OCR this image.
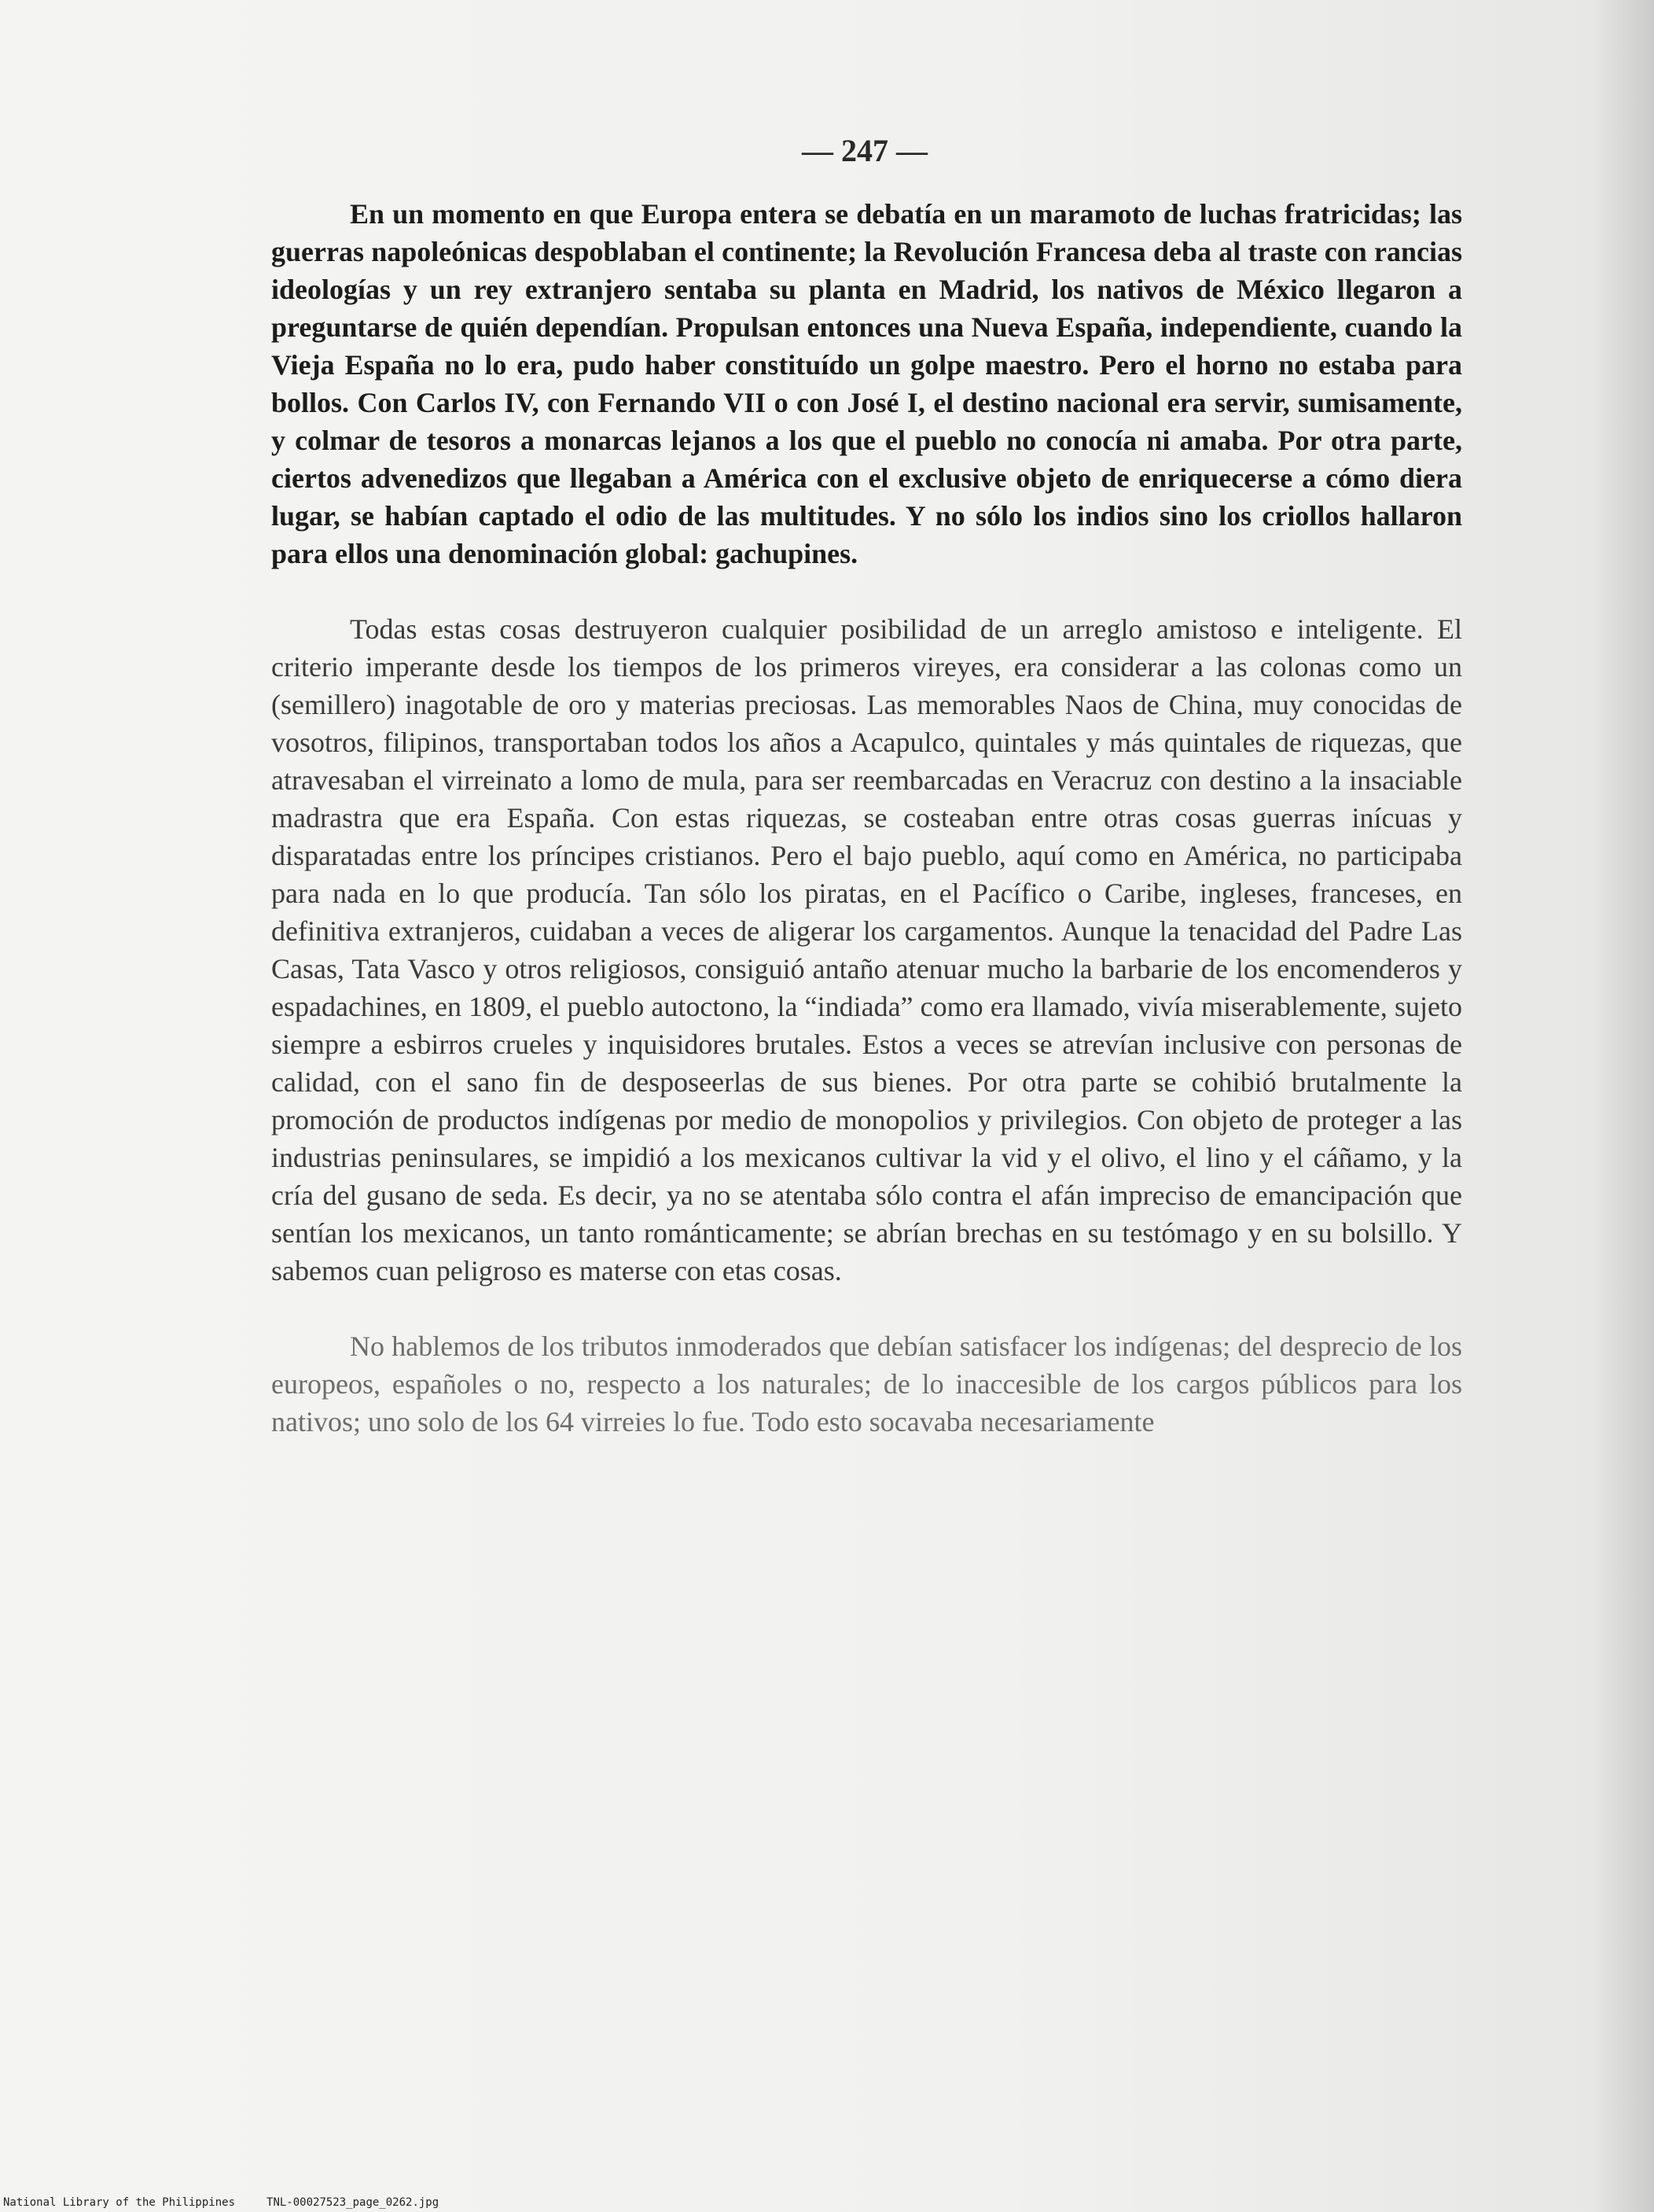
— 247 —

En un momento en que Europa entera se debatía en un maramoto de luchas fratricidas; las guerras napoleónicas despoblaban el continente; la Revolución Francesa deba al traste con rancias ideologías y un rey extranjero sentaba su planta en Madrid, los nativos de México llegaron a preguntarse de quién dependían. Propulsan entonces una Nueva España, independiente, cuando la Vieja España no lo era, pudo haber constituído un golpe maestro. Pero el horno no estaba para bollos. Con Carlos IV, con Fernando VII o con José I, el destino nacional era servir, sumisamente, y colmar de tesoros a monarcas lejanos a los que el pueblo no conocía ni amaba. Por otra parte, ciertos advenedizos que llegaban a América con el exclusive objeto de enriquecerse a cómo diera lugar, se habían captado el odio de las multitudes. Y no sólo los indios sino los criollos hallaron para ellos una denominación global: gachupines.

Todas estas cosas destruyeron cualquier posibilidad de un arreglo amistoso e inteligente. El criterio imperante desde los tiempos de los primeros vireyes, era considerar a las colonas como un (semillero) inagotable de oro y materias preciosas. Las memorables Naos de China, muy conocidas de vosotros, filipinos, transportaban todos los años a Acapulco, quintales y más quintales de riquezas, que atravesaban el virreinato a lomo de mula, para ser reembarcadas en Veracruz con destino a la insaciable madrastra que era España. Con estas riquezas, se costeaban entre otras cosas guerras inícuas y disparatadas entre los príncipes cristianos. Pero el bajo pueblo, aquí como en América, no participaba para nada en lo que producía. Tan sólo los piratas, en el Pacífico o Caribe, ingleses, franceses, en definitiva extranjeros, cuidaban a veces de aligerar los cargamentos. Aunque la tenacidad del Padre Las Casas, Tata Vasco y otros religiosos, consiguió antaño atenuar mucho la barbarie de los encomenderos y espadachines, en 1809, el pueblo autoctono, la “indiada” como era llamado, vivía miserablemente, sujeto siempre a esbirros crueles y inquisidores brutales. Estos a veces se atrevían inclusive con personas de calidad, con el sano fin de desposeerlas de sus bienes. Por otra parte se cohibió brutalmente la promoción de productos indígenas por medio de monopolios y privilegios. Con objeto de proteger a las industrias peninsulares, se impidió a los mexicanos cultivar la vid y el olivo, el lino y el cáñamo, y la cría del gusano de seda. Es decir, ya no se atentaba sólo contra el afán impreciso de emancipación que sentían los mexicanos, un tanto románticamente; se abrían brechas en su testómago y en su bolsillo. Y sabemos cuan peligroso es materse con etas cosas.

No hablemos de los tributos inmoderados que debían satisfacer los indígenas; del desprecio de los europeos, españoles o no, respecto a los naturales; de lo inaccesible de los cargos públicos para los nativos; uno solo de los 64 virreies lo fue. Todo esto socavaba necesariamente

National Library of the Philippines	TNL-00027523_page_0262.jpg
